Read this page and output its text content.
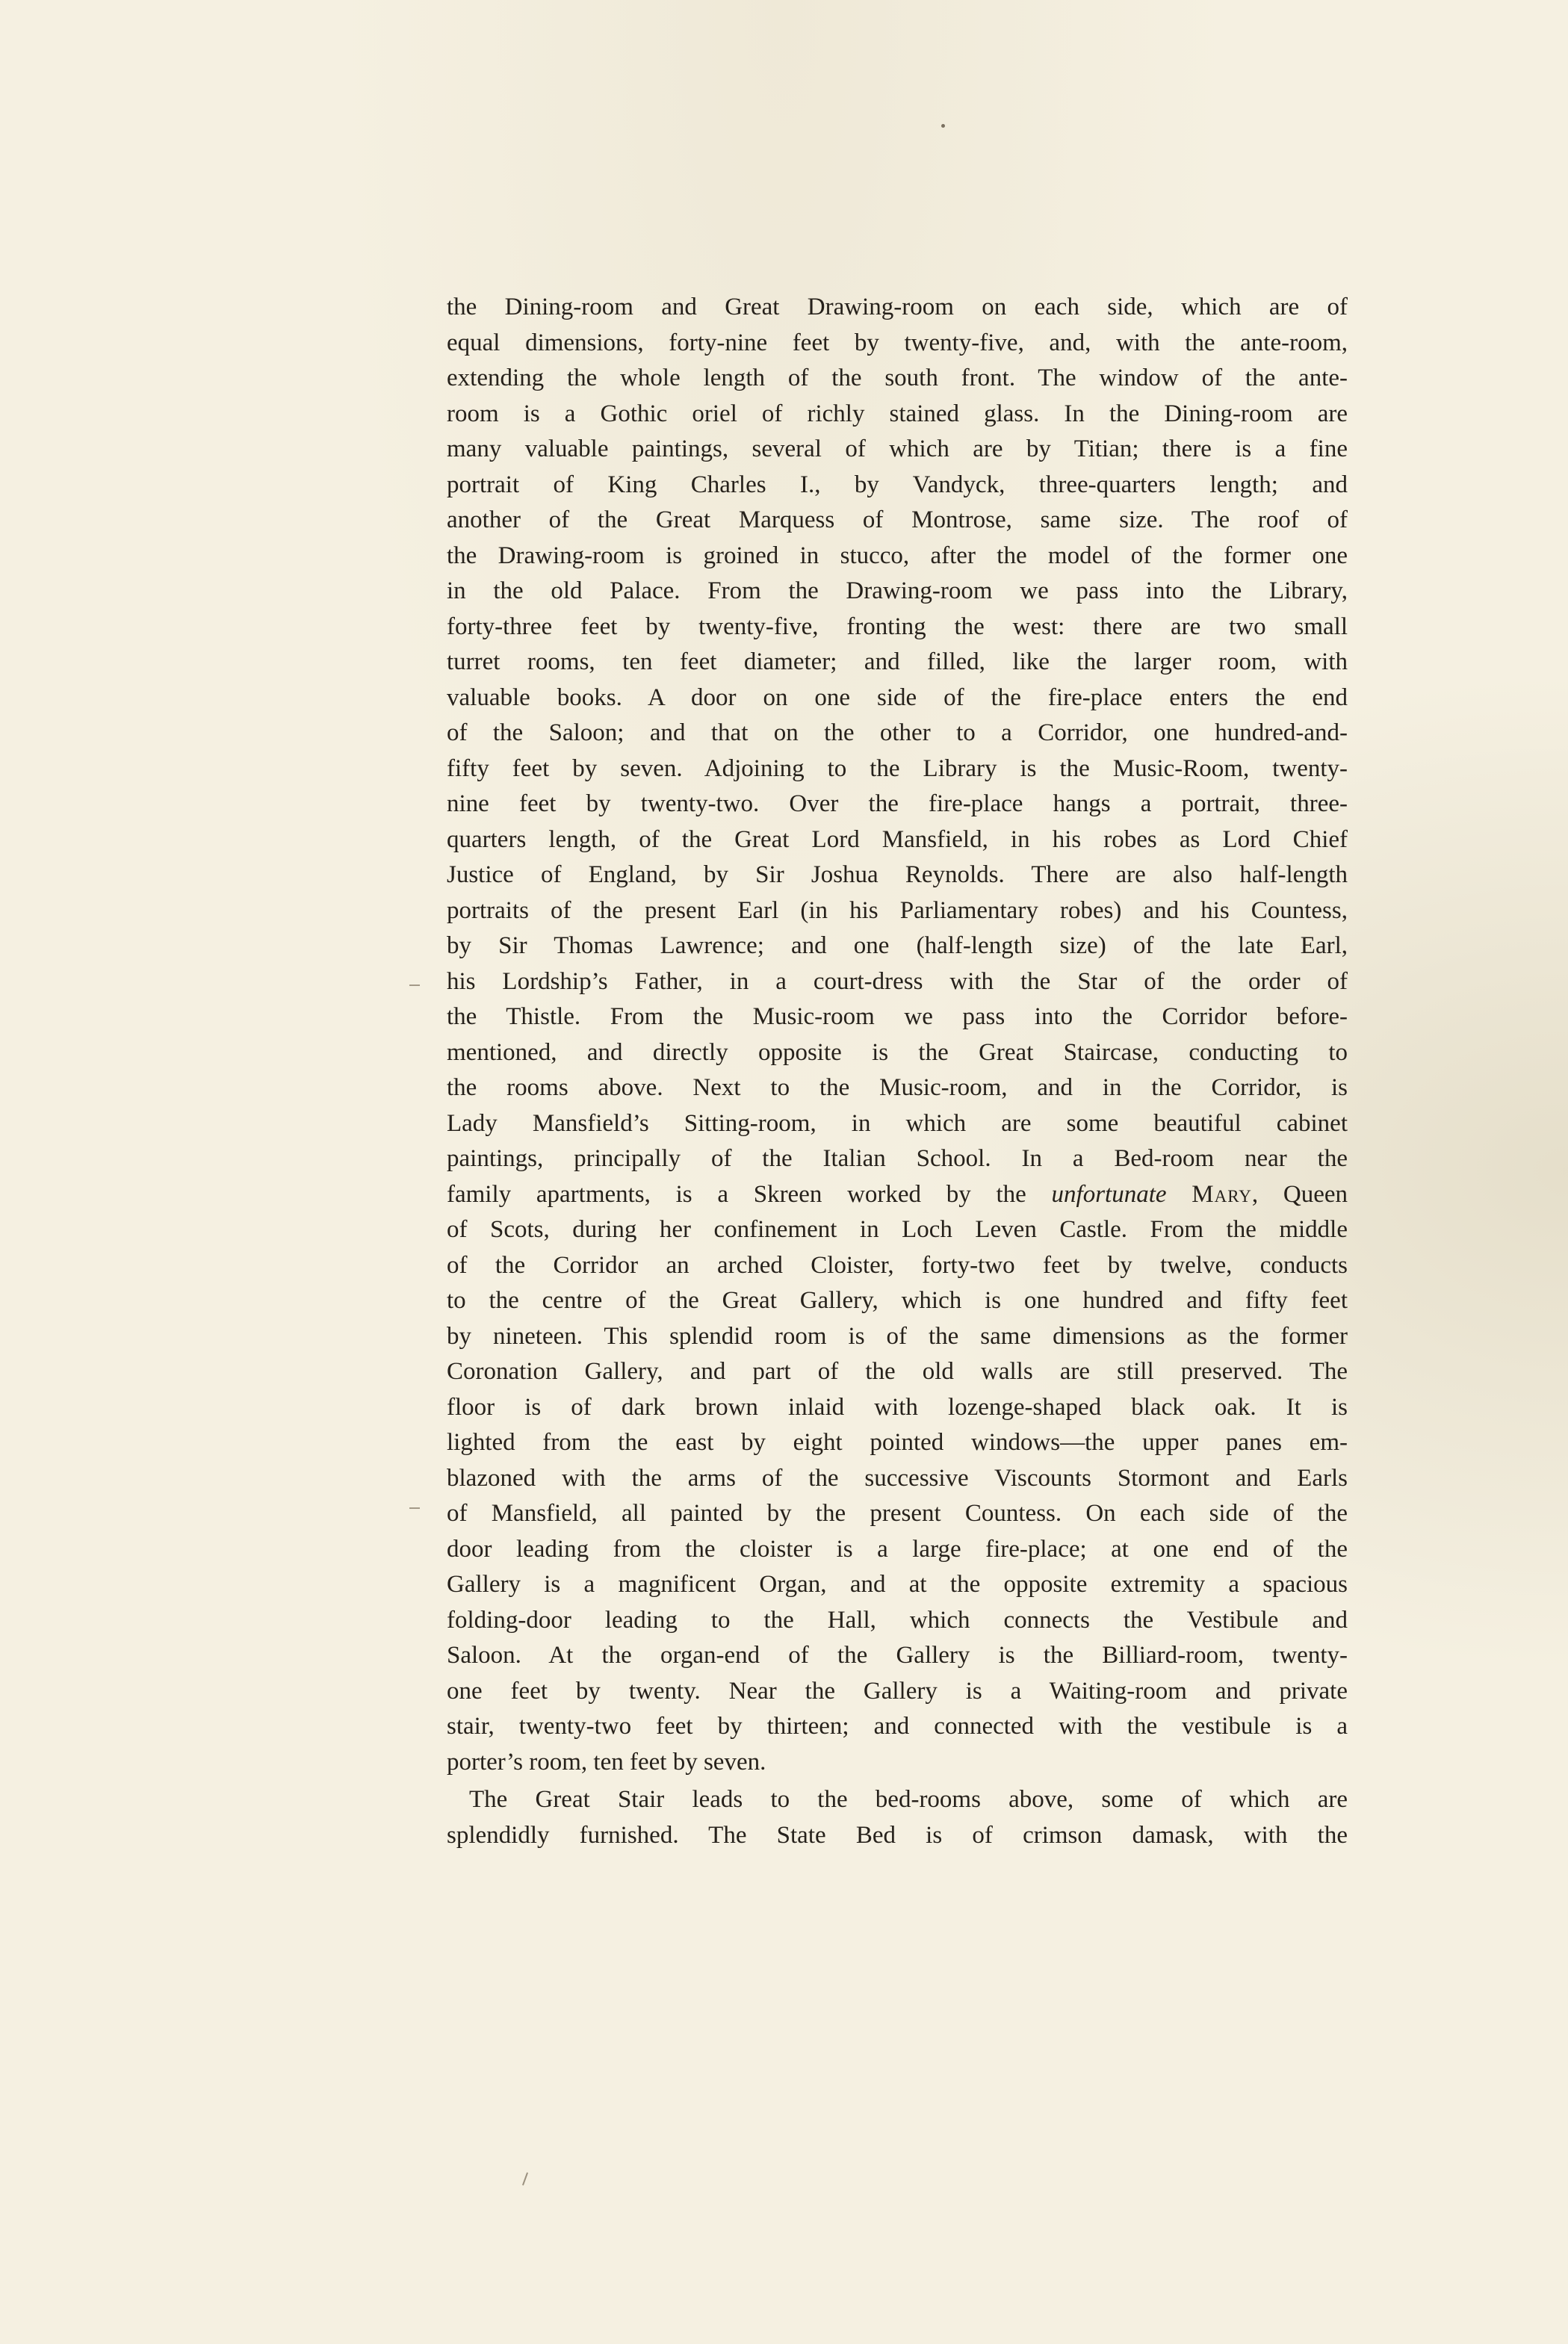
the Dining-room and Great Drawing-room on each side, which are of
equal dimensions, forty-nine feet by twenty-five, and, with the ante-room,
extending the whole length of the south front. The window of the ante-
room is a Gothic oriel of richly stained glass. In the Dining-room are
many valuable paintings, several of which are by Titian; there is a fine
portrait of King Charles I., by Vandyck, three-quarters length; and
another of the Great Marquess of Montrose, same size. The roof of
the Drawing-room is groined in stucco, after the model of the former one
in the old Palace. From the Drawing-room we pass into the Library,
forty-three feet by twenty-five, fronting the west: there are two small
turret rooms, ten feet diameter; and filled, like the larger room, with
valuable books. A door on one side of the fire-place enters the end
of the Saloon; and that on the other to a Corridor, one hundred-and-
fifty feet by seven. Adjoining to the Library is the Music-Room, twenty-
nine feet by twenty-two. Over the fire-place hangs a portrait, three-
quarters length, of the Great Lord Mansfield, in his robes as Lord Chief
Justice of England, by Sir Joshua Reynolds. There are also half-length
portraits of the present Earl (in his Parliamentary robes) and his Countess,
by Sir Thomas Lawrence; and one (half-length size) of the late Earl,
his Lordship’s Father, in a court-dress with the Star of the order of
the Thistle. From the Music-room we pass into the Corridor before-
mentioned, and directly opposite is the Great Staircase, conducting to
the rooms above. Next to the Music-room, and in the Corridor, is
Lady Mansfield’s Sitting-room, in which are some beautiful cabinet
paintings, principally of the Italian School. In a Bed-room near the
family apartments, is a Skreen worked by the unfortunate Mary, Queen
of Scots, during her confinement in Loch Leven Castle. From the middle
of the Corridor an arched Cloister, forty-two feet by twelve, conducts
to the centre of the Great Gallery, which is one hundred and fifty feet
by nineteen. This splendid room is of the same dimensions as the former
Coronation Gallery, and part of the old walls are still preserved. The
floor is of dark brown inlaid with lozenge-shaped black oak. It is
lighted from the east by eight pointed windows—the upper panes em-
blazoned with the arms of the successive Viscounts Stormont and Earls
of Mansfield, all painted by the present Countess. On each side of the
door leading from the cloister is a large fire-place; at one end of the
Gallery is a magnificent Organ, and at the opposite extremity a spacious
folding-door leading to the Hall, which connects the Vestibule and
Saloon. At the organ-end of the Gallery is the Billiard-room, twenty-
one feet by twenty. Near the Gallery is a Waiting-room and private
stair, twenty-two feet by thirteen; and connected with the vestibule is a
porter’s room, ten feet by seven.
The Great Stair leads to the bed-rooms above, some of which are
splendidly furnished. The State Bed is of crimson damask, with the
